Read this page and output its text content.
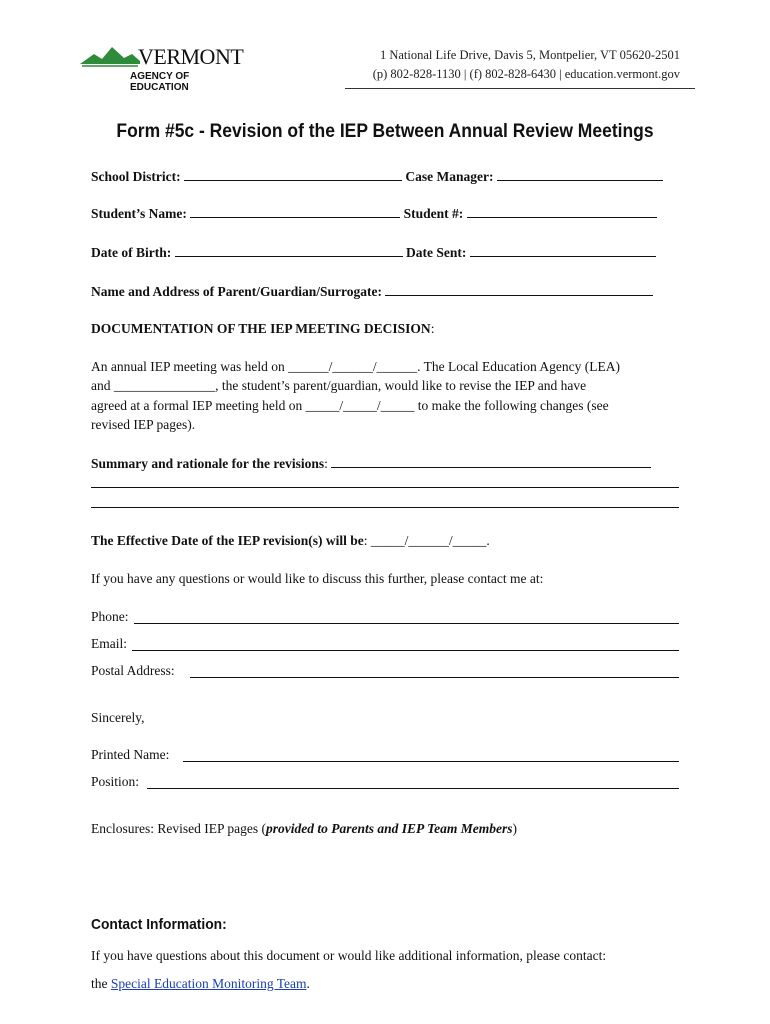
VERMONT
AGENCY OF EDUCATION
1 National Life Drive, Davis 5, Montpelier, VT 05620-2501
(p) 802-828-1130 | (f) 802-828-6430 | education.vermont.gov
Form #5c - Revision of the IEP Between Annual Review Meetings
School District:	Case Manager:
Student’s Name:	Student #:
Date of Birth:	Date Sent:
Name and Address of Parent/Guardian/Surrogate:
DOCUMENTATION OF THE IEP MEETING DECISION:
An annual IEP meeting was held on ______/______/______. The Local Education Agency (LEA)
and _______________, the student’s parent/guardian, would like to revise the IEP and have
agreed at a formal IEP meeting held on _____/_____/_____ to make the following changes (see
revised IEP pages).
Summary and rationale for the revisions:
The Effective Date of the IEP revision(s) will be: _____/______/_____.
If you have any questions or would like to discuss this further, please contact me at:
Phone:
Email:
Postal Address:
Sincerely,
Printed Name:
Position:
Enclosures: Revised IEP pages (provided to Parents and IEP Team Members)
Contact Information:
If you have questions about this document or would like additional information, please contact:
the Special Education Monitoring Team.
